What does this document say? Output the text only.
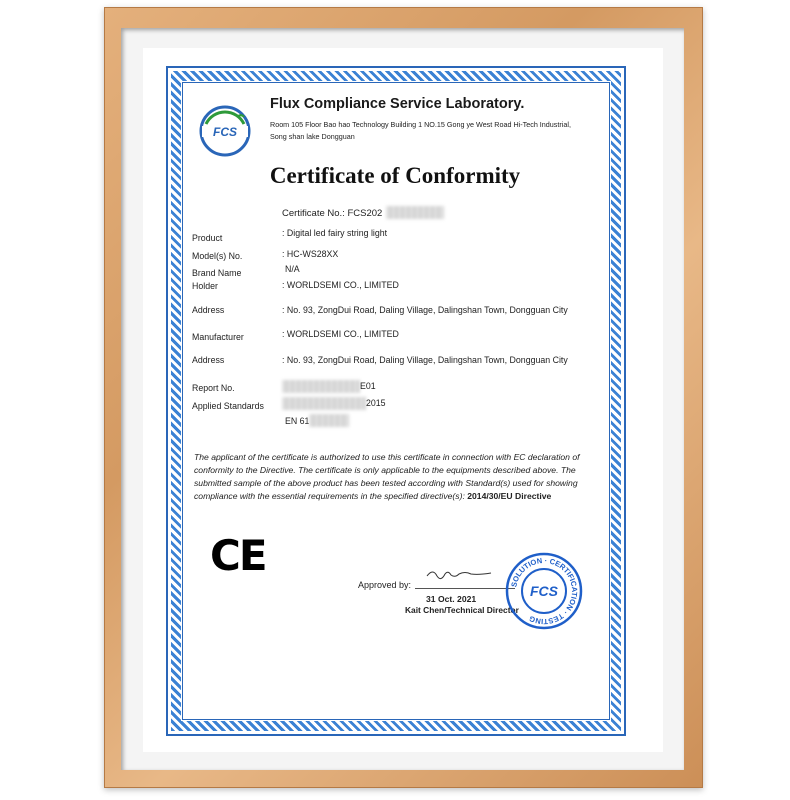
FCS
Flux Compliance Service Laboratory.
Room 105 Floor Bao hao Technology Building 1 NO.15 Gong ye West Road Hi-Tech Industrial,
Song shan lake Dongguan
Certificate of Conformity
Certificate No.: FCS202
Product	: Digital led fairy string light
Model(s) No.	: HC-WS28XX
Brand Name	N/A
Holder	: WORLDSEMI CO., LIMITED
Address	: No. 93, ZongDui Road, Daling Village, Dalingshan Town, Dongguan City
Manufacturer	: WORLDSEMI CO., LIMITED
Address	: No. 93, ZongDui Road, Daling Village, Dalingshan Town, Dongguan City
Report No.	E01
Applied Standards	2015
EN 61
The applicant of the certificate is authorized to use this certificate in connection with EC declaration of conformity to the Directive. The certificate is only applicable to the equipments described above. The submitted sample of the above product has been tested according with Standard(s) used for showing compliance with the essential requirements in the specified directive(s): 2014/30/EU Directive
CE
Approved by:
31 Oct. 2021
Kait Chen/Technical Director
SOLUTION · CERTIFICATION · TESTING
FCS
